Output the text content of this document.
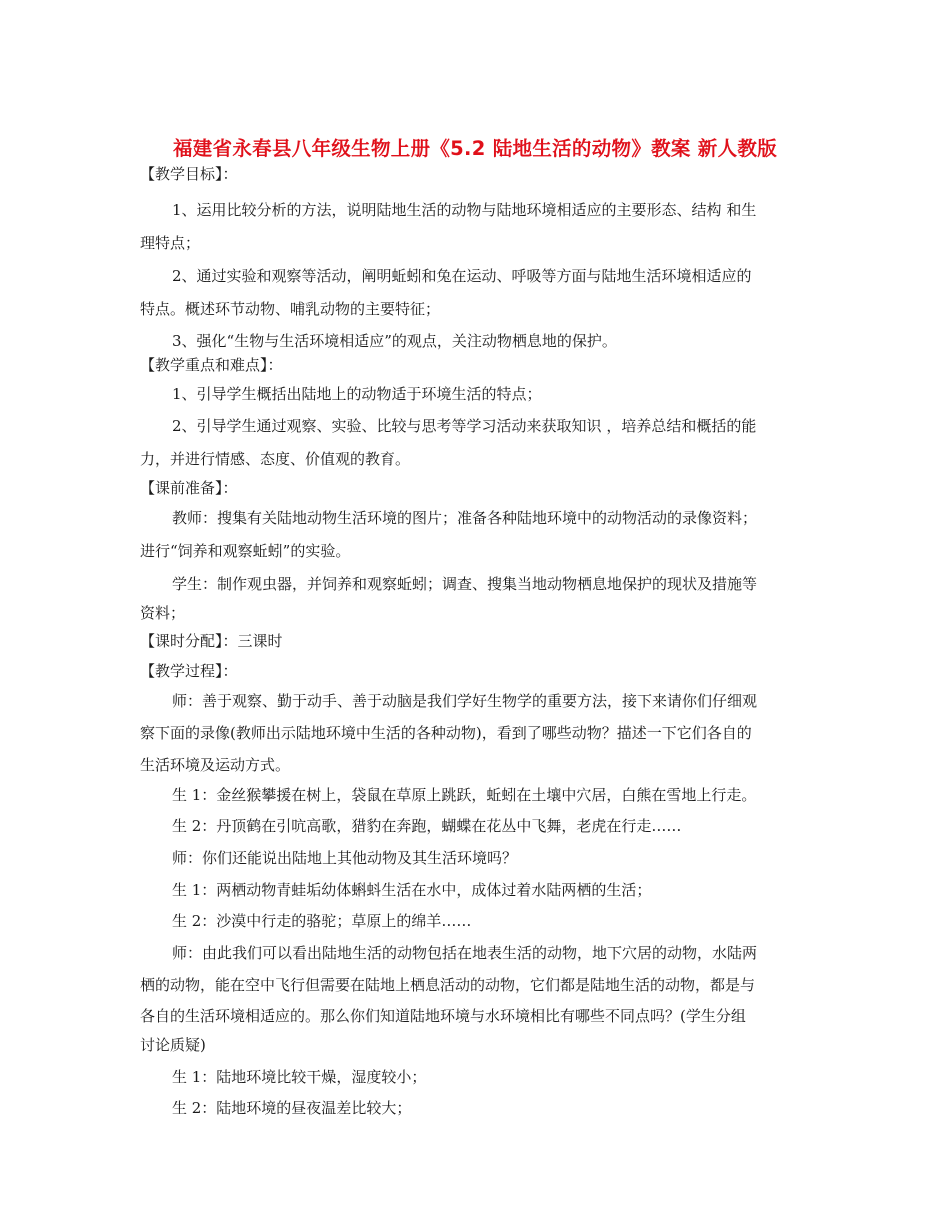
福建省永春县八年级生物上册《5.2 陆地生活的动物》教案 新人教版
【教学目标】：
1、运用比较分析的方法，说明陆地生活的动物与陆地环境相适应的主要形态、结构 和生
理特点；
2、通过实验和观察等活动，阐明蚯蚓和兔在运动、呼吸等方面与陆地生活环境相适应的
特点。概述环节动物、哺乳动物的主要特征；
3、强化“生物与生活环境相适应”的观点，关注动物栖息地的保护。
【教学重点和难点】：
1、引导学生概括出陆地上的动物适于环境生活的特点；
2、引导学生通过观察、实验、比较与思考等学习活动来获取知识 ，培养总结和概括的能
力，并进行情感、态度、价值观的教育。
【课前准备】：
教师：搜集有关陆地动物生活环境的图片；准备各种陆地环境中的动物活动的录像资料；
进行“饲养和观察蚯蚓”的实验。
学生：制作观虫器，并饲养和观察蚯蚓；调查、搜集当地动物栖息地保护的现状及措施等
资料；
【课时分配】：三课时
【教学过程】：
师：善于观察、勤于动手、善于动脑是我们学好生物学的重要方法，接下来请你们仔细观
察下面的录像(教师出示陆地环境中生活的各种动物)，看到了哪些动物？描述一下它们各自的
生活环境及运动方式。
生 1：金丝猴攀援在树上，袋鼠在草原上跳跃，蚯蚓在土壤中穴居，白熊在雪地上行走。
生 2：丹顶鹤在引吭高歌，猎豹在奔跑，蝴蝶在花丛中飞舞，老虎在行走……
师：你们还能说出陆地上其他动物及其生活环境吗？
生 1：两栖动物青蛙垢幼体蝌蚪生活在水中，成体过着水陆两栖的生活；
生 2：沙漠中行走的骆驼；草原上的绵羊……
师：由此我们可以看出陆地生活的动物包括在地表生活的动物，地下穴居的动物，水陆两
栖的动物，能在空中飞行但需要在陆地上栖息活动的动物，它们都是陆地生活的动物，都是与
各自的生活环境相适应的。那么你们知道陆地环境与水环境相比有哪些不同点吗？(学生分组
讨论质疑)
生 1：陆地环境比较干燥，湿度较小；
生 2：陆地环境的昼夜温差比较大；
